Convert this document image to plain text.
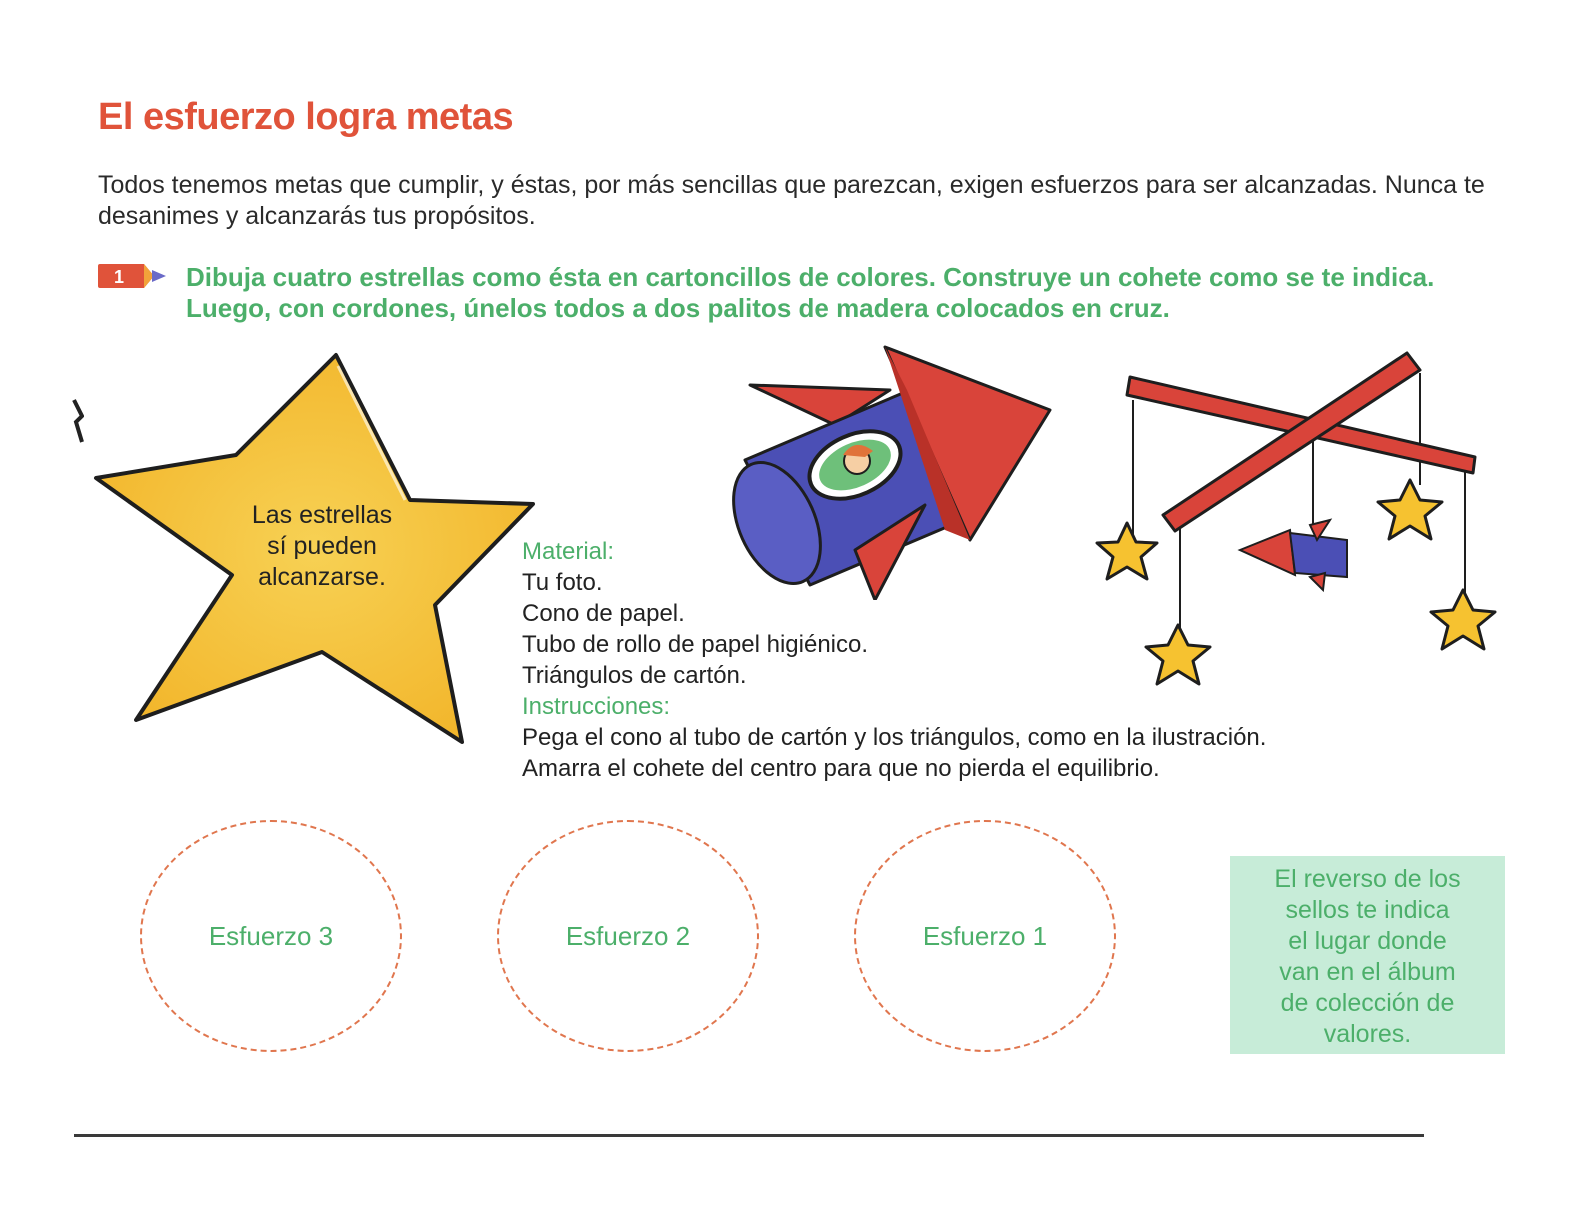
El esfuerzo logra metas
Todos tenemos metas que cumplir, y éstas, por más sencillas que parezcan, exigen esfuerzos para ser alcanzadas. Nunca te desanimes y alcanzarás tus propósitos.
1 Dibuja cuatro estrellas como ésta en cartoncillos de colores. Construye un cohete como se te indica. Luego, con cordones, únelos todos a dos palitos de madera colocados en cruz.
Las estrellas
sí pueden
alcanzarse.
Material:
Tu foto.
Cono de papel.
Tubo de rollo de papel higiénico.
Triángulos de cartón.
Instrucciones:
Pega el cono al tubo de cartón y los triángulos, como en la ilustración.
Amarra el cohete del centro para que no pierda el equilibrio.
Esfuerzo 3	Esfuerzo 2	Esfuerzo 1
El reverso de los
sellos te indica
el lugar donde
van en el álbum
de colección de
valores.
